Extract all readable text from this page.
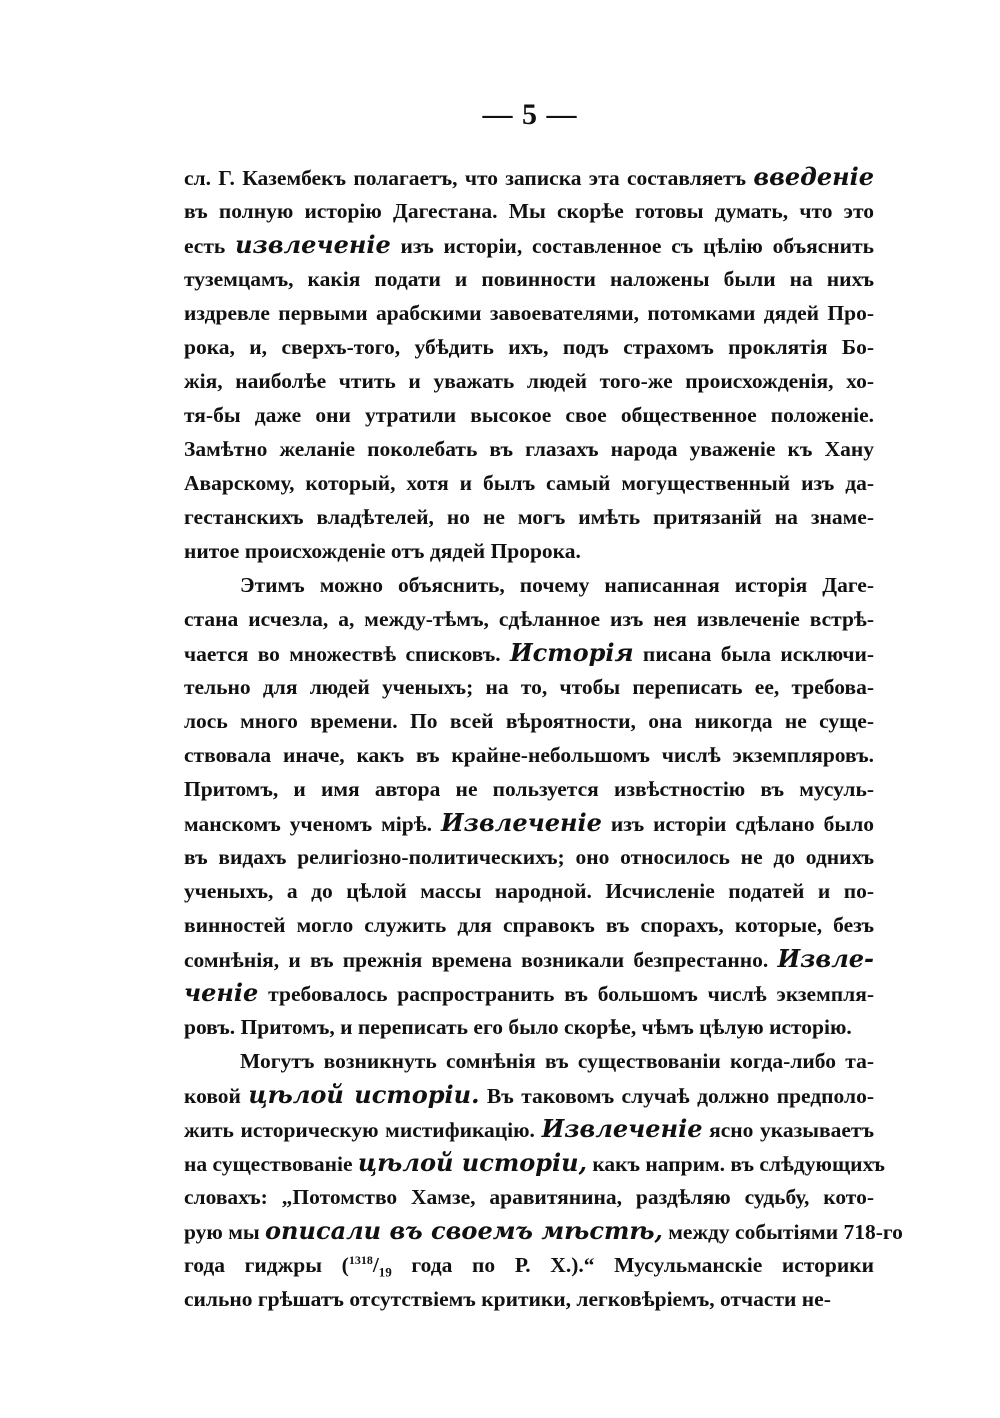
— 5 —
сл. Г. Казембекъ полагаетъ, что записка эта составляетъ введенiе
въ полную исторiю Дагестана. Мы скорѣе готовы думать, что это
есть извлеченiе изъ исторiи, составленное съ цѣлiю объяснить
туземцамъ, какiя подати и повинности наложены были на нихъ
издревле первыми арабскими завоевателями, потомками дядей Про-
рока, и, сверхъ-того, убѣдить ихъ, подъ страхомъ проклятiя Бо-
жiя, наиболѣе чтить и уважать людей того-же происхожденiя, хо-
тя-бы даже они утратили высокое свое общественное положенiе.
Замѣтно желанiе поколебать въ глазахъ народа уваженiе къ Хану
Аварскому, который, хотя и былъ самый могущественный изъ да-
гестанскихъ владѣтелей, но не могъ имѣть притязанiй на знаме-
нитое происхожденiе отъ дядей Пророка.
Этимъ можно объяснить, почему написанная исторiя Даге-
стана исчезла, а, между-тѣмъ, сдѣланное изъ нея извлеченiе встрѣ-
чается во множествѣ списковъ. Исторiя писана была исключи-
тельно для людей ученыхъ; на то, чтобы переписать ее, требова-
лось много времени. По всей вѣроятности, она никогда не суще-
ствовала иначе, какъ въ крайне-небольшомъ числѣ экземпляровъ.
Притомъ, и имя автора не пользуется извѣстностiю въ мусуль-
манскомъ ученомъ мiрѣ. Извлеченiе изъ исторiи сдѣлано было
въ видахъ религiозно-политическихъ; оно относилось не до однихъ
ученыхъ, а до цѣлой массы народной. Исчисленiе податей и по-
винностей могло служить для справокъ въ спорахъ, которые, безъ
сомнѣнiя, и въ прежнiя времена возникали безпрестанно. Извле-
ченiе требовалось распространить въ большомъ числѣ экземпля-
ровъ. Притомъ, и переписать его было скорѣе, чѣмъ цѣлую исторiю.
Могутъ возникнуть сомнѣнiя въ существованiи когда-либо та-
ковой цѣлой исторiи. Въ таковомъ случаѣ должно предполо-
жить историческую мистификацiю. Извлеченiе ясно указываетъ
на существованiе цѣлой исторiи, какъ наприм. въ слѣдующихъ
словахъ: „Потомство Хамзе, аравитянина, раздѣляю судьбу, кото-
рую мы описали въ своемъ мѣстѣ, между событiями 718-го
года гиджры ($^{1318}$/₁₉ года по Р. Х.).“ Мусульманскiе историки
сильно грѣшатъ отсутствiемъ критики, легковѣрiемъ, отчасти не-
